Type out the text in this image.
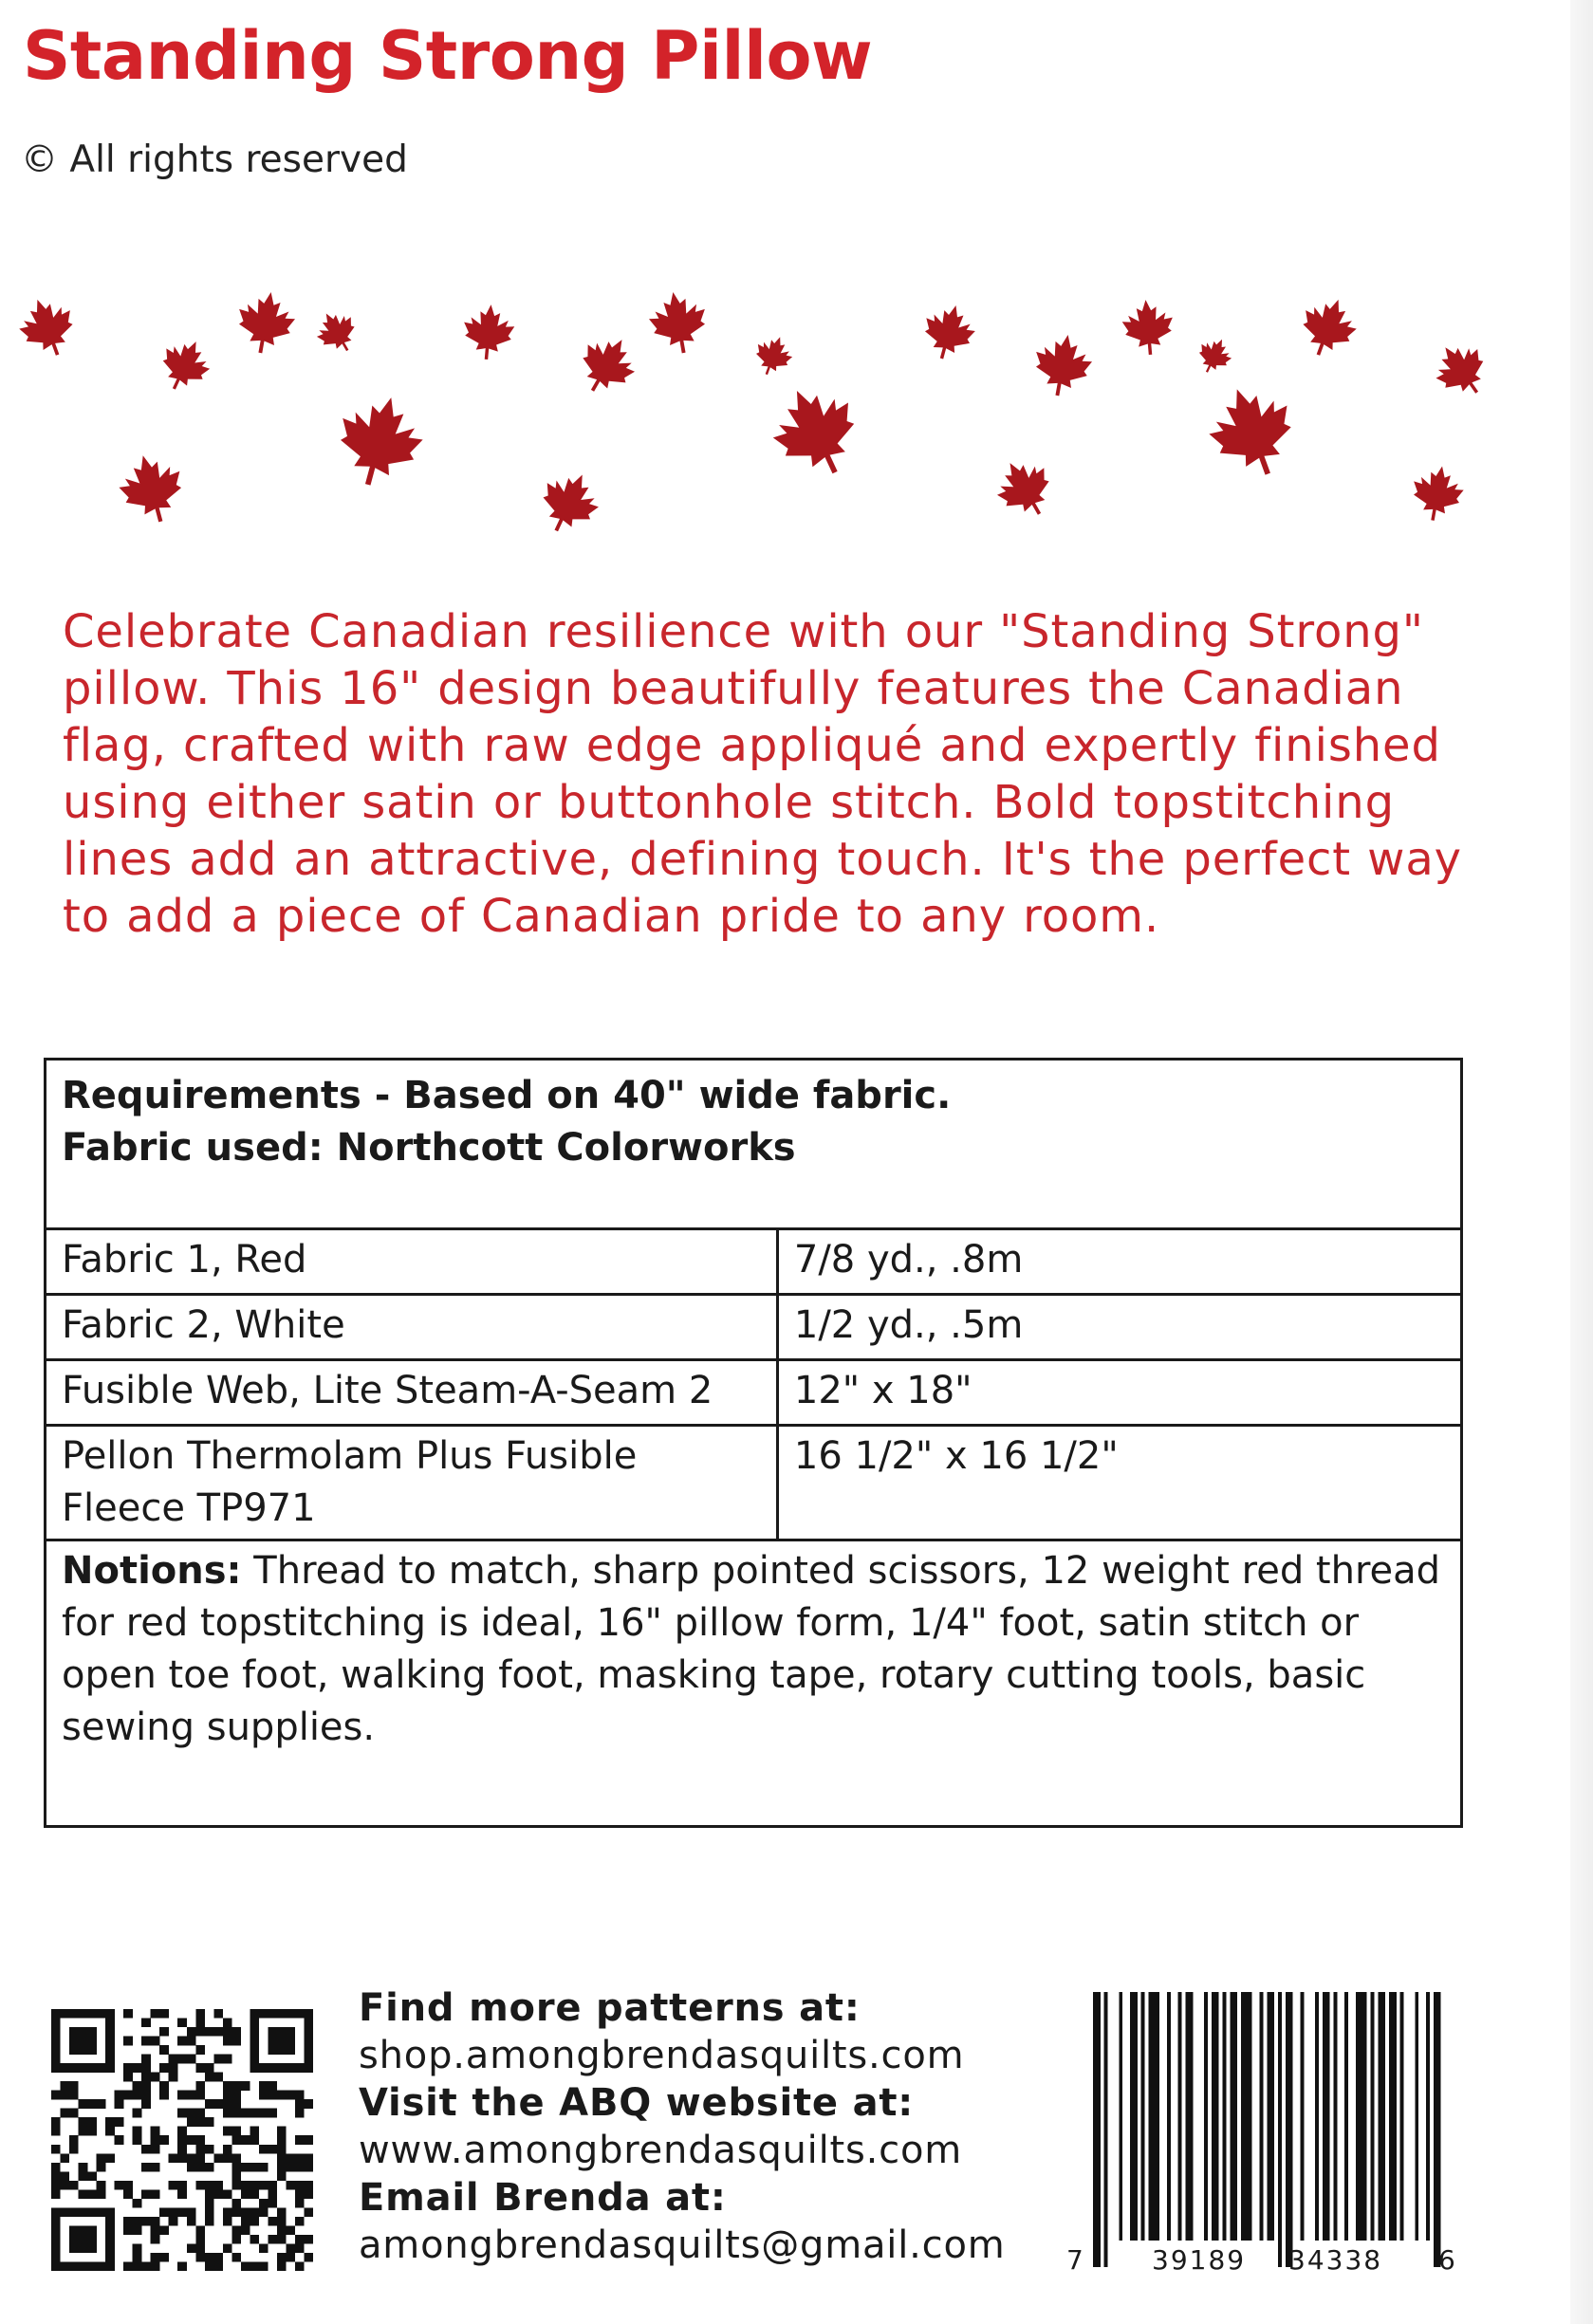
Standing Strong Pillow
© All rights reserved

Celebrate Canadian resilience with our "Standing Strong" pillow. This 16" design beautifully features the Canadian flag, crafted with raw edge appliqué and expertly finished using either satin or buttonhole stitch. Bold topstitching lines add an attractive, defining touch. It's the perfect way to add a piece of Canadian pride to any room.

Requirements - Based on 40" wide fabric.
Fabric used: Northcott Colorworks	

Fabric 1, Red	7/8 yd., .8m
Fabric 2, White	1/2 yd., .5m
Fusible Web, Lite Steam-A-Seam 2	12" x 18"
Pellon Thermolam Plus Fusible Fleece TP971	16 1/2" x 16 1/2"
Notions: Thread to match, sharp pointed scissors, 12 weight red thread for red topstitching is ideal, 16" pillow form, 1/4" foot, satin stitch or open toe foot, walking foot, masking tape, rotary cutting tools, basic sewing supplies.	
Find more patterns at:
shop.amongbrendasquilts.com
Visit the ABQ website at:
www.amongbrendasquilts.com
Email Brenda at:
amongbrendasquilts@gmail.com 7	39189 34338 6
